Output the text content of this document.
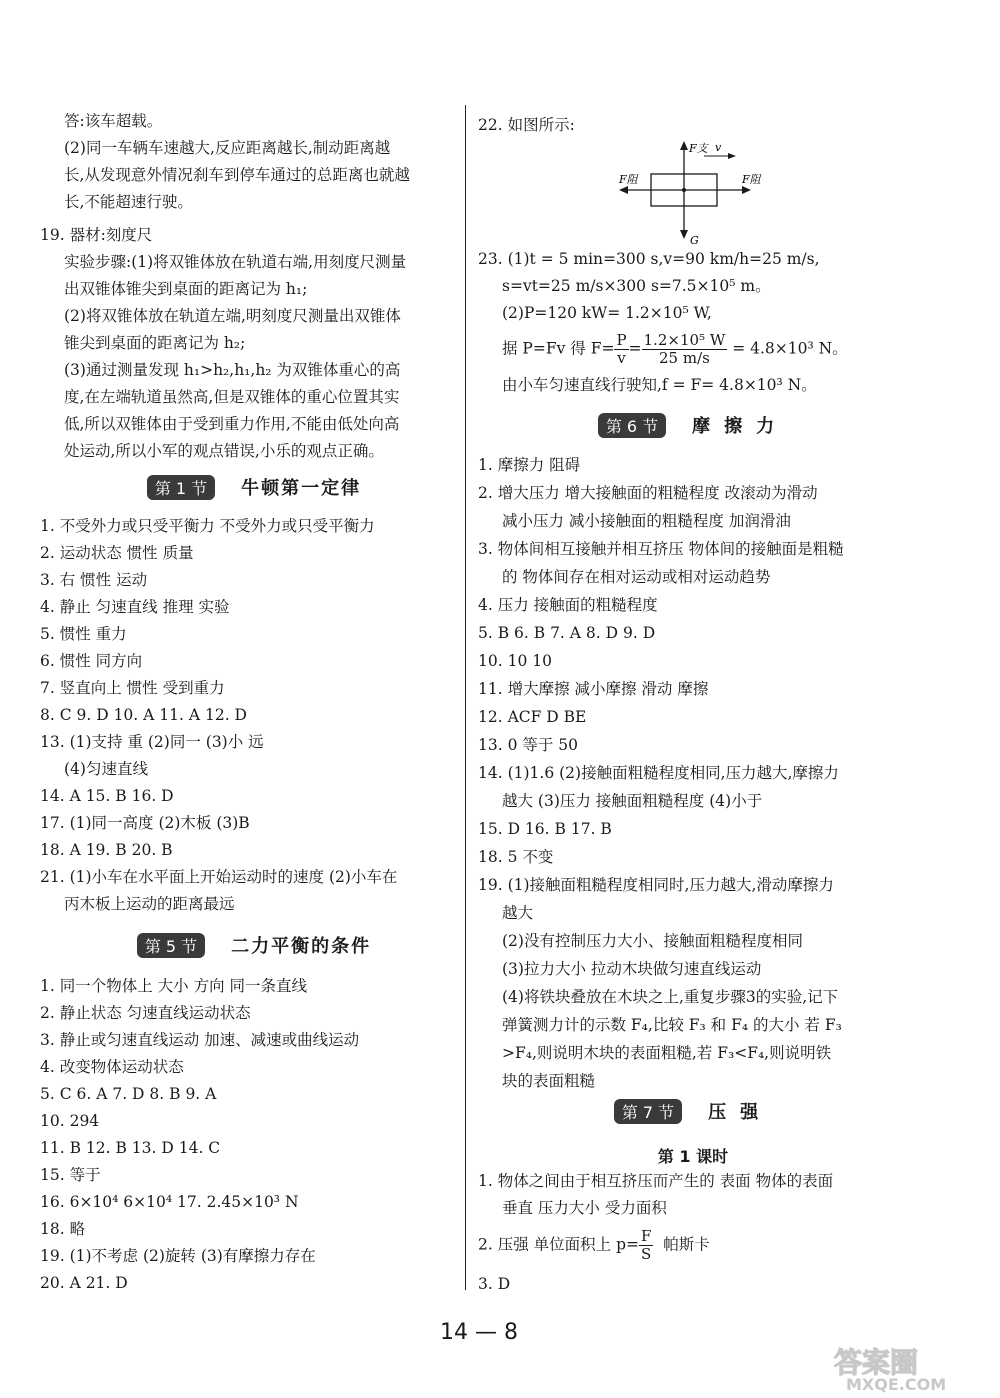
答:该车超载。
(2)同一车辆车速越大,反应距离越长,制动距离越
长,从发现意外情况刹车到停车通过的总距离也就越
长,不能超速行驶。
19. 器材:刻度尺
实验步骤:(1)将双锥体放在轨道右端,用刻度尺测量
出双锥体锥尖到桌面的距离记为 h₁;
(2)将双锥体放在轨道左端,明刻度尺测量出双锥体
锥尖到桌面的距离记为 h₂;
(3)通过测量发现 h₁>h₂,h₁,h₂ 为双锥体重心的高
度,在左端轨道虽然高,但是双锥体的重心位置其实
低,所以双锥体由于受到重力作用,不能由低处向高
处运动,所以小军的观点错误,小乐的观点正确。
第 1 节	牛顿第一定律
1. 不受外力或只受平衡力 不受外力或只受平衡力
2. 运动状态 惯性 质量
3. 右 惯性 运动
4. 静止 匀速直线 推理 实验
5. 惯性 重力
6. 惯性 同方向
7. 竖直向上 惯性 受到重力
8. C 9. D 10. A 11. A 12. D
13. (1)支持 重 (2)同一 (3)小 远
(4)匀速直线
14. A 15. B 16. D
17. (1)同一高度 (2)木板 (3)B
18. A 19. B 20. B
21. (1)小车在水平面上开始运动时的速度 (2)小车在
丙木板上运动的距离最远
第 5 节	二力平衡的条件
1. 同一个物体上 大小 方向 同一条直线
2. 静止状态 匀速直线运动状态
3. 静止或匀速直线运动 加速、减速或曲线运动
4. 改变物体运动状态
5. C 6. A 7. D 8. B 9. A
10. 294
11. B 12. B 13. D 14. C
15. 等于
16. 6×10⁴ 6×10⁴ 17. 2.45×10³ N
18. 略
19. (1)不考虑 (2)旋转 (3)有摩擦力存在
20. A 21. D
22. 如图所示:
F支 v
F阻	F阻
G
23. (1)t = 5 min=300 s,v=90 km/h=25 m/s,
s=vt=25 m/s×300 s=7.5×10⁵ m。
(2)P=120 kW= 1.2×10⁵ W,
据 P=Fv 得 $F= \frac{P}{v} = \frac{\text{1.2×10⁵ W}}{25 m/s} = 4.8\times 10^3$ N。
由小车匀速直线行驶知,f = F= 4.8×10³ N。
第 6 节	摩擦力
1. 摩擦力 阻碍
2. 增大压力 增大接触面的粗糙程度 改滚动为滑动
减小压力 减小接触面的粗糙程度 加润滑油
3. 物体间相互接触并相互挤压 物体间的接触面是粗糙
的 物体间存在相对运动或相对运动趋势
4. 压力 接触面的粗糙程度
5. B 6. B 7. A 8. D 9. D
10. 10 10
11. 增大摩擦 减小摩擦 滑动 摩擦
12. ACF D BE
13. 0 等于 50
14. (1)1.6 (2)接触面粗糙程度相同,压力越大,摩擦力
越大 (3)压力 接触面粗糙程度 (4)小于
15. D 16. B 17. B
18. 5 不变
19. (1)接触面粗糙程度相同时,压力越大,滑动摩擦力
越大
(2)没有控制压力大小、接触面粗糙程度相同
(3)拉力大小 拉动木块做匀速直线运动
(4)将铁块叠放在木块之上,重复步骤3的实验,记下
弹簧测力计的示数 F₄,比较 F₃ 和 F₄ 的大小 若 F₃
>F₄,则说明木块的表面粗糙,若 F₃<F₄,则说明铁
块的表面粗糙
第 7 节	压强
第 1 课时
1. 物体之间由于相互挤压而产生的 表面 物体的表面
垂直 压力大小 受力面积
2. 压强 单位面积上 $p= \frac{F}{S}$ 帕斯卡
3. D
14 — 8
答案圈
MXQE.COM
